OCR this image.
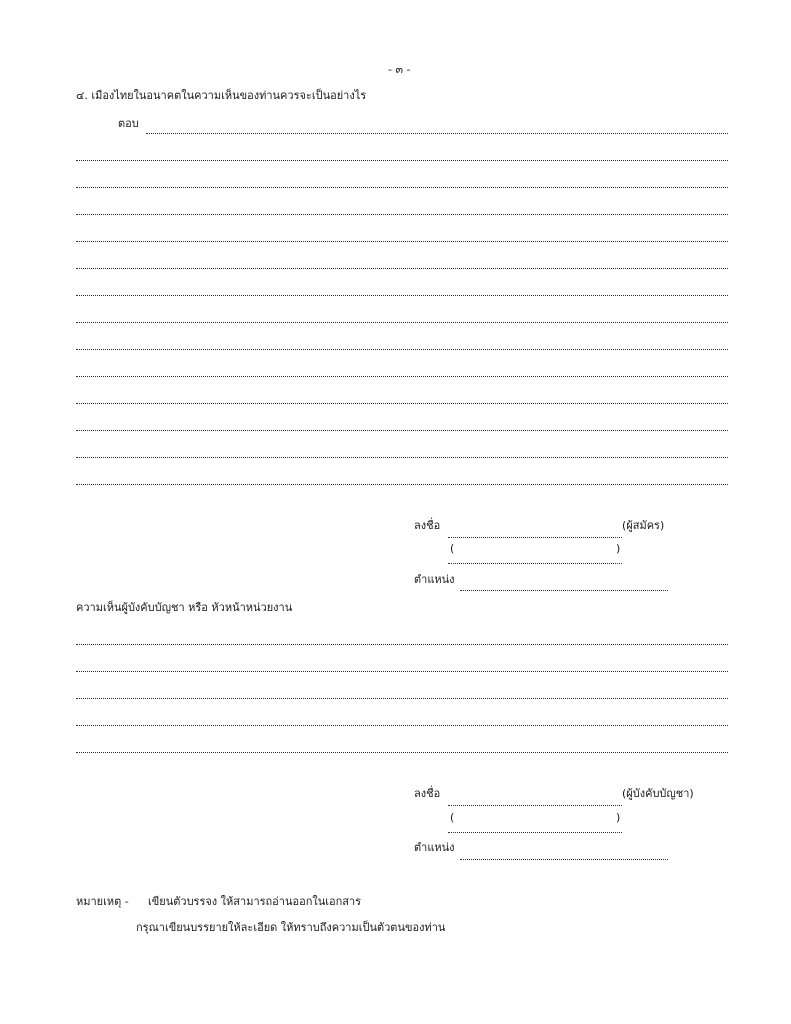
- ๓ -
๔. เมืองไทยในอนาคตในความเห็นของท่านควรจะเป็นอย่างไร
ตอบ
ลงชื่อ	(ผู้สมัคร)
(	)
ตำแหน่ง
ความเห็นผู้บังคับบัญชา หรือ หัวหน้าหน่วยงาน
ลงชื่อ	(ผู้บังคับบัญชา)
(	)
ตำแหน่ง
หมายเหตุ - เขียนตัวบรรจง ให้สามารถอ่านออกในเอกสาร
กรุณาเขียนบรรยายให้ละเอียด ให้ทราบถึงความเป็นตัวตนของท่าน
